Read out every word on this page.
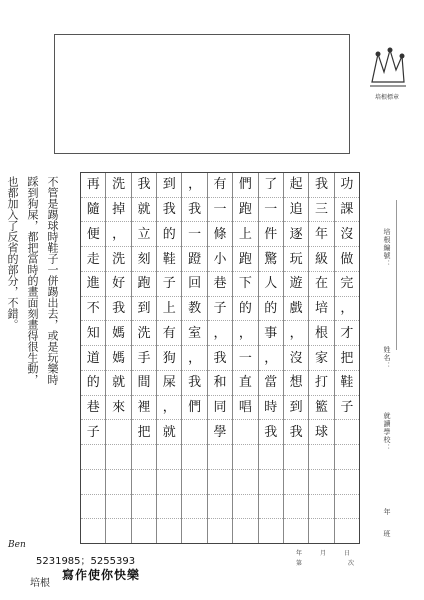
培根標章
培根編號：
姓名：
就讀學校：
年
班
功
課
沒
做
完
，
才
把
鞋
子
我
三
年
級
在
培
根
家
打
籃
球
起
追
逐
玩
遊
戲
，
沒
想
到
我
了
一
件
驚
人
的
事
，
當
時
我
們
跑
上
跑
下
的
，
一
直
唱
有
一
條
小
巷
子
，
我
和
同
學
，
我
一
蹬
回
教
室
，
我
們
到
我
的
鞋
子
上
有
狗
屎
，
就
我
就
立
刻
跑
到
洗
手
間
裡
把
洗
掉
，
洗
好
我
媽
媽
就
來
再
隨
便
走
進
不
知
道
的
巷
子
年	月	日
第	次
不管是踢球時鞋子一併踢出去，或是玩樂時
踩到狗屎，都把當時的畫面刻畫得很生動，
也都加入了反省的部分，不錯。
Ben
5231985；5255393
寫作使你快樂
培根
